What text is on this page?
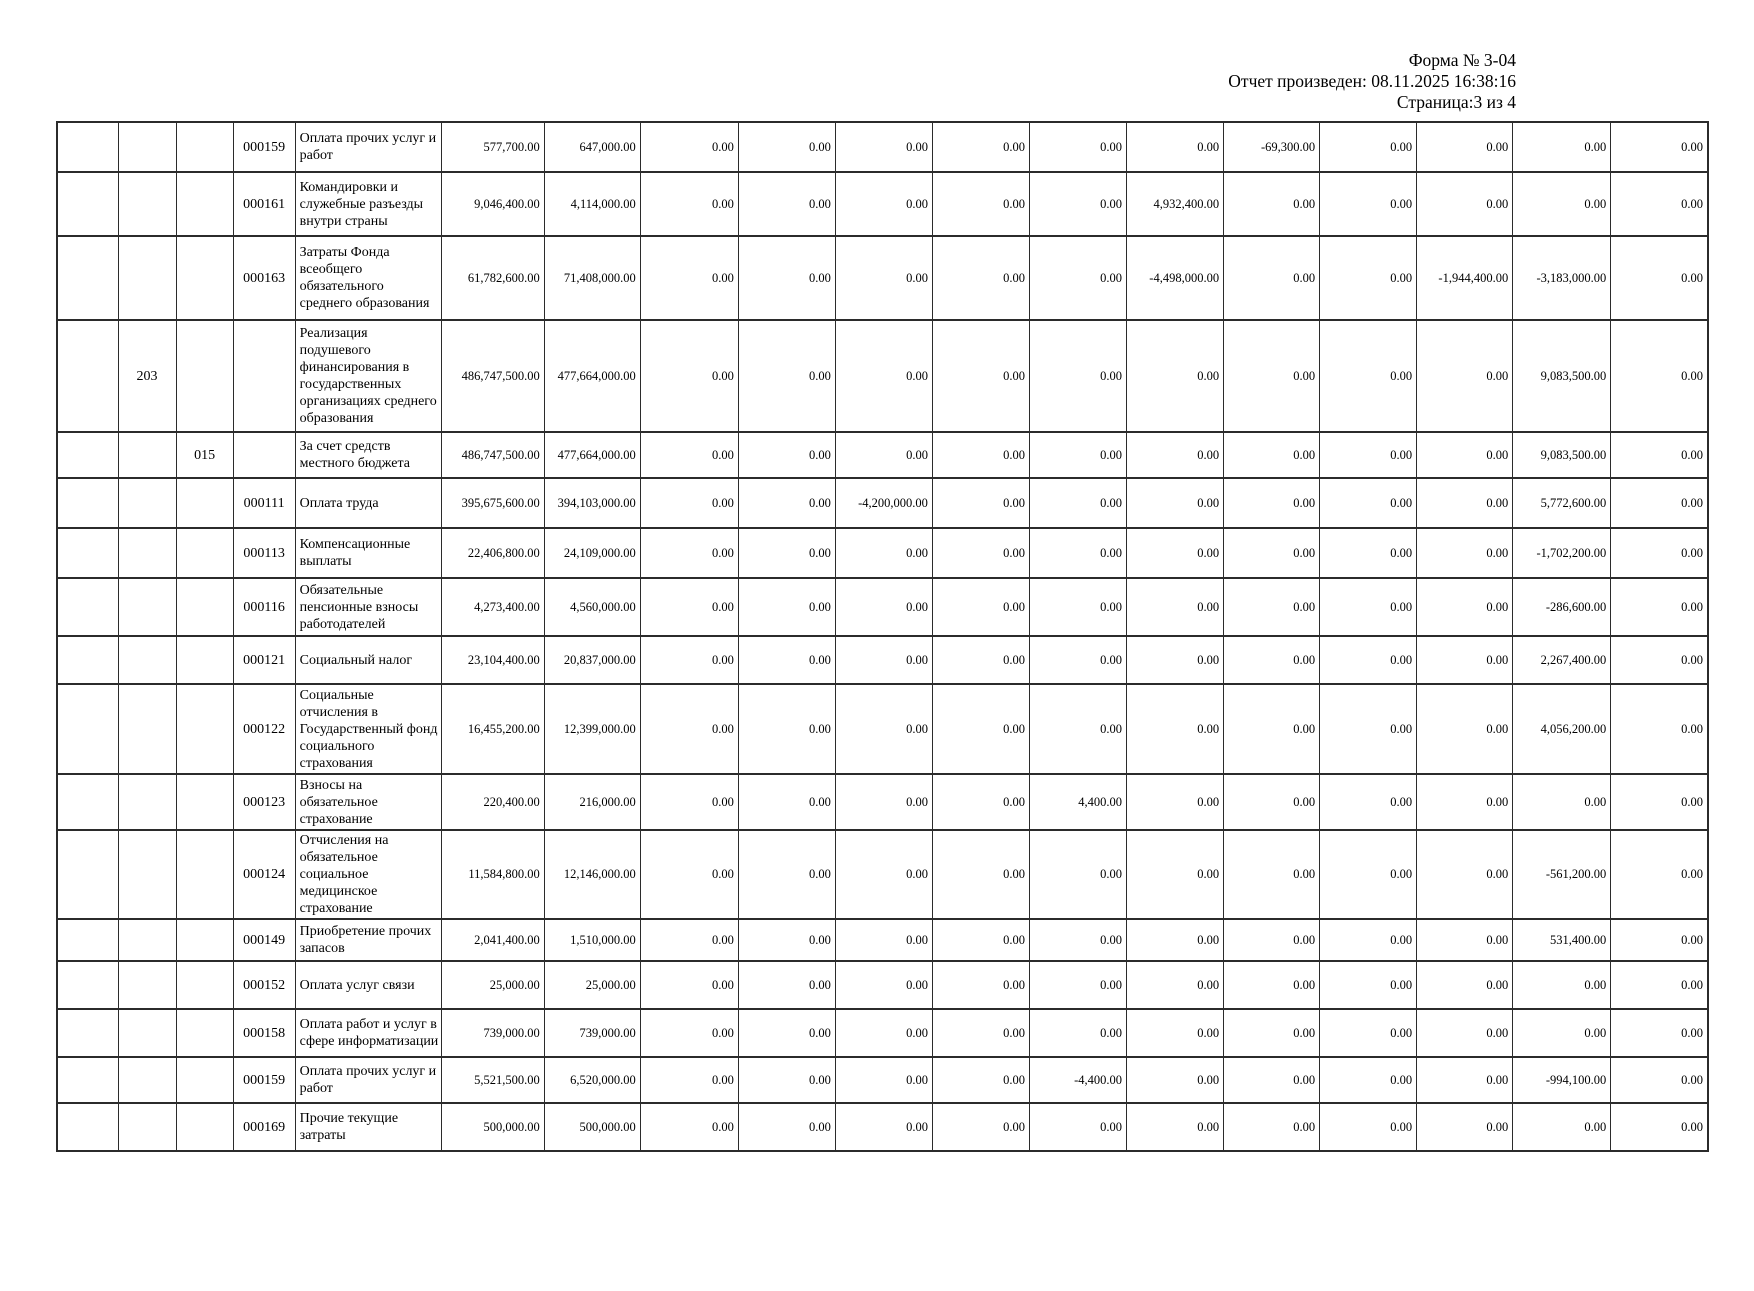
Форма № 3-04
Отчет произведен: 08.11.2025 16:38:16
Страница:3 из 4
			000159	Оплата прочих услуг и работ	577,700.00	647,000.00	0.00	0.00	0.00	0.00	0.00	0.00	-69,300.00	0.00	0.00	0.00	0.00
			000161	Командировки и служебные разъезды внутри страны	9,046,400.00	4,114,000.00	0.00	0.00	0.00	0.00	0.00	4,932,400.00	0.00	0.00	0.00	0.00	0.00
			000163	Затраты Фонда всеобщего обязательного среднего образования	61,782,600.00	71,408,000.00	0.00	0.00	0.00	0.00	0.00	-4,498,000.00	0.00	0.00	-1,944,400.00	-3,183,000.00	0.00
	203			Реализация подушевого финансирования в государственных организациях среднего образования	486,747,500.00	477,664,000.00	0.00	0.00	0.00	0.00	0.00	0.00	0.00	0.00	0.00	9,083,500.00	0.00
		015		За счет средств местного бюджета	486,747,500.00	477,664,000.00	0.00	0.00	0.00	0.00	0.00	0.00	0.00	0.00	0.00	9,083,500.00	0.00
			000111	Оплата труда	395,675,600.00	394,103,000.00	0.00	0.00	-4,200,000.00	0.00	0.00	0.00	0.00	0.00	0.00	5,772,600.00	0.00
			000113	Компенсационные выплаты	22,406,800.00	24,109,000.00	0.00	0.00	0.00	0.00	0.00	0.00	0.00	0.00	0.00	-1,702,200.00	0.00
			000116	Обязательные пенсионные взносы работодателей	4,273,400.00	4,560,000.00	0.00	0.00	0.00	0.00	0.00	0.00	0.00	0.00	0.00	-286,600.00	0.00
			000121	Социальный налог	23,104,400.00	20,837,000.00	0.00	0.00	0.00	0.00	0.00	0.00	0.00	0.00	0.00	2,267,400.00	0.00
			000122	Социальные отчисления в Государственный фонд социального страхования	16,455,200.00	12,399,000.00	0.00	0.00	0.00	0.00	0.00	0.00	0.00	0.00	0.00	4,056,200.00	0.00
			000123	Взносы на обязательное страхование	220,400.00	216,000.00	0.00	0.00	0.00	0.00	4,400.00	0.00	0.00	0.00	0.00	0.00	0.00
			000124	Отчисления на обязательное социальное медицинское страхование	11,584,800.00	12,146,000.00	0.00	0.00	0.00	0.00	0.00	0.00	0.00	0.00	0.00	-561,200.00	0.00
			000149	Приобретение прочих запасов	2,041,400.00	1,510,000.00	0.00	0.00	0.00	0.00	0.00	0.00	0.00	0.00	0.00	531,400.00	0.00
			000152	Оплата услуг связи	25,000.00	25,000.00	0.00	0.00	0.00	0.00	0.00	0.00	0.00	0.00	0.00	0.00	0.00
			000158	Оплата работ и услуг в сфере информатизации	739,000.00	739,000.00	0.00	0.00	0.00	0.00	0.00	0.00	0.00	0.00	0.00	0.00	0.00
			000159	Оплата прочих услуг и работ	5,521,500.00	6,520,000.00	0.00	0.00	0.00	0.00	-4,400.00	0.00	0.00	0.00	0.00	-994,100.00	0.00
			000169	Прочие текущие затраты	500,000.00	500,000.00	0.00	0.00	0.00	0.00	0.00	0.00	0.00	0.00	0.00	0.00	0.00
